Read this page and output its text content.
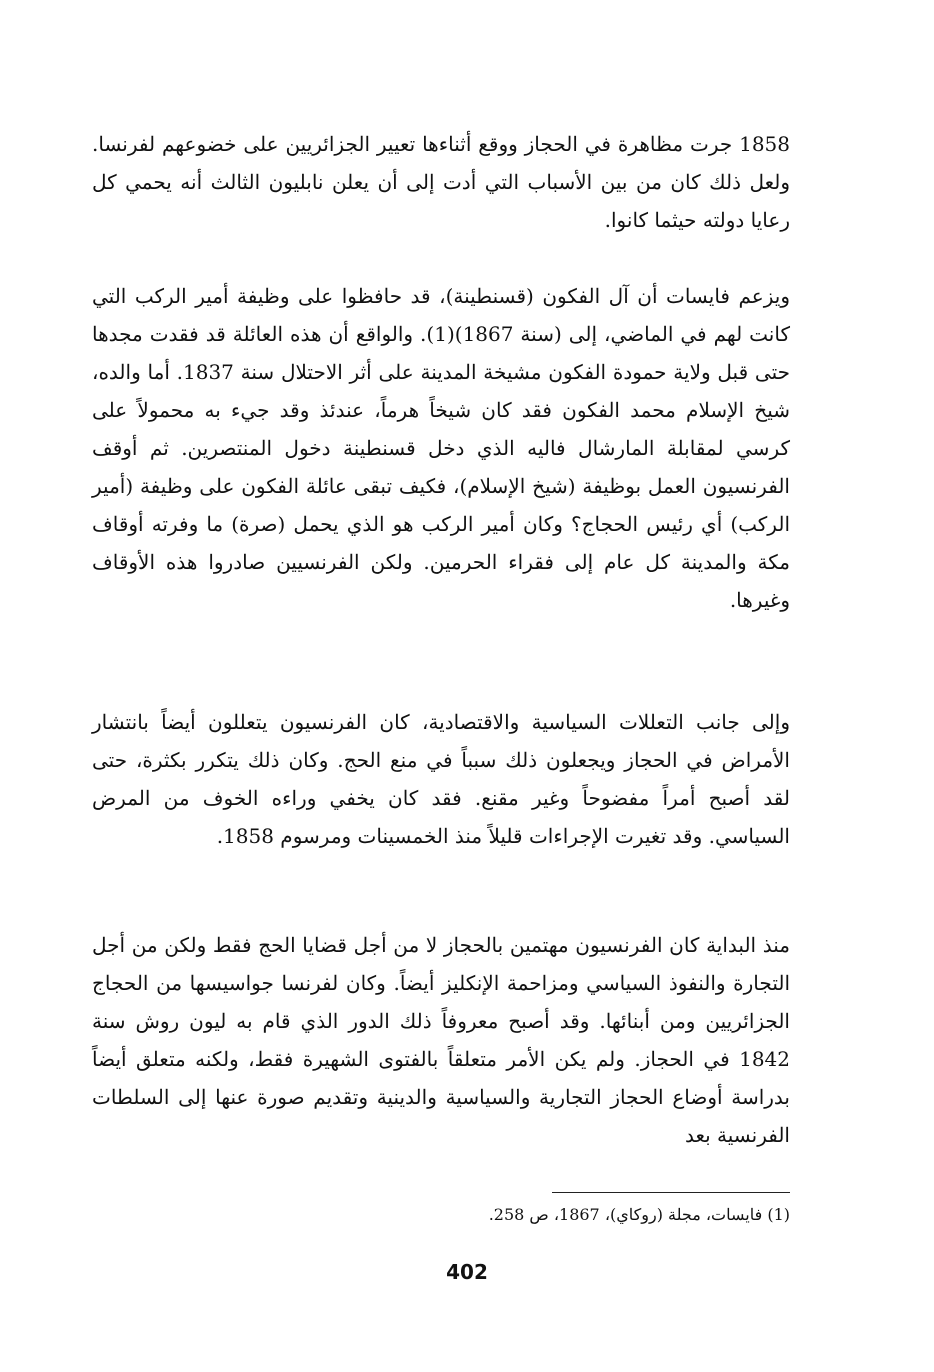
1858 جرت مظاهرة في الحجاز ووقع أثناءها تعيير الجزائريين على خضوعهم لفرنسا. ولعل ذلك كان من بين الأسباب التي أدت إلى أن يعلن نابليون الثالث أنه يحمي كل رعايا دولته حيثما كانوا.

ويزعم فايسات أن آل الفكون (قسنطينة)، قد حافظوا على وظيفة أمير الركب التي كانت لهم في الماضي، إلى (سنة 1867)(1). والواقع أن هذه العائلة قد فقدت مجدها حتى قبل ولاية حمودة الفكون مشيخة المدينة على أثر الاحتلال سنة 1837. أما والده، شيخ الإسلام محمد الفكون فقد كان شيخاً هرماً، عندئذ وقد جيء به محمولاً على كرسي لمقابلة المارشال فاليه الذي دخل قسنطينة دخول المنتصرين. ثم أوقف الفرنسيون العمل بوظيفة (شيخ الإسلام)، فكيف تبقى عائلة الفكون على وظيفة (أمير الركب) أي رئيس الحجاج؟ وكان أمير الركب هو الذي يحمل (صرة) ما وفرته أوقاف مكة والمدينة كل عام إلى فقراء الحرمين. ولكن الفرنسيين صادروا هذه الأوقاف وغيرها.

وإلى جانب التعللات السياسية والاقتصادية، كان الفرنسيون يتعللون أيضاً بانتشار الأمراض في الحجاز ويجعلون ذلك سبباً في منع الحج. وكان ذلك يتكرر بكثرة، حتى لقد أصبح أمراً مفضوحاً وغير مقنع. فقد كان يخفي وراءه الخوف من المرض السياسي. وقد تغيرت الإجراءات قليلاً منذ الخمسينات ومرسوم 1858.

منذ البداية كان الفرنسيون مهتمين بالحجاز لا من أجل قضايا الحج فقط ولكن من أجل التجارة والنفوذ السياسي ومزاحمة الإنكليز أيضاً. وكان لفرنسا جواسيسها من الحجاج الجزائريين ومن أبنائها. وقد أصبح معروفاً ذلك الدور الذي قام به ليون روش سنة 1842 في الحجاز. ولم يكن الأمر متعلقاً بالفتوى الشهيرة فقط، ولكنه متعلق أيضاً بدراسة أوضاع الحجاز التجارية والسياسية والدينية وتقديم صورة عنها إلى السلطات الفرنسية بعد

(1) فايسات، مجلة (روكاي)، 1867، ص 258.

402
